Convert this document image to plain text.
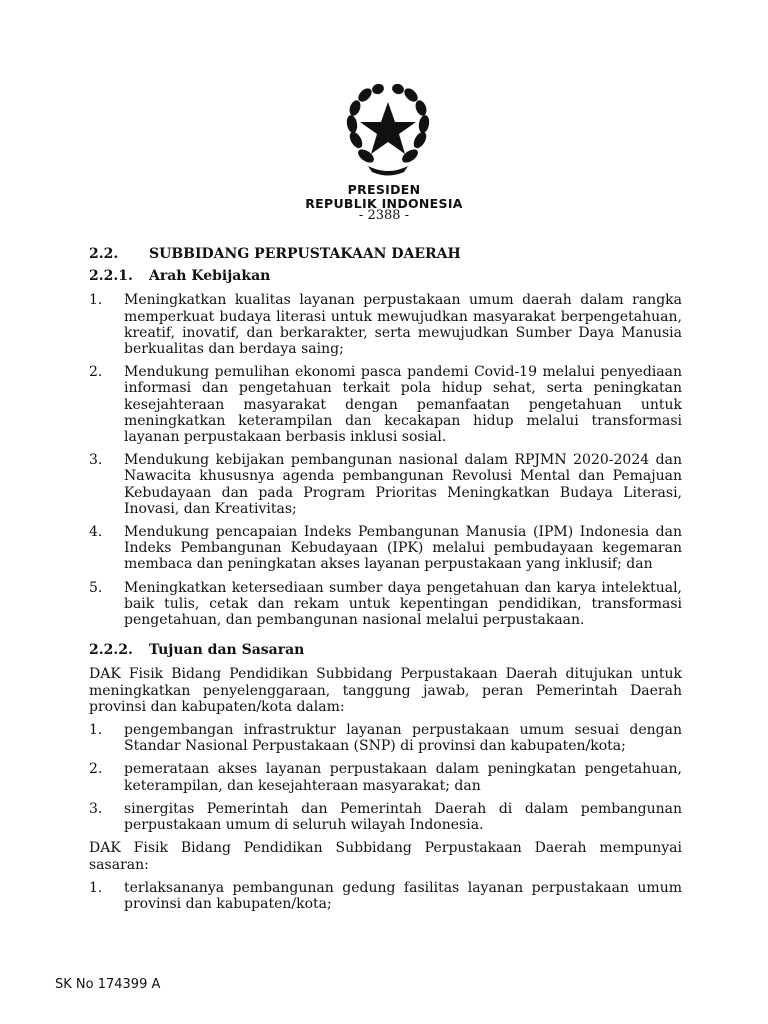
PRESIDEN
REPUBLIK INDONESIA
- 2388 -
2.2.	SUBBIDANG PERPUSTAKAAN DAERAH
2.2.1.	Arah Kebijakan
1.	Meningkatkan kualitas layanan perpustakaan umum daerah dalam rangka memperkuat budaya literasi untuk mewujudkan masyarakat berpengetahuan, kreatif, inovatif, dan berkarakter, serta mewujudkan Sumber Daya Manusia berkualitas dan berdaya saing;
2.	Mendukung pemulihan ekonomi pasca pandemi Covid-19 melalui penyediaan informasi dan pengetahuan terkait pola hidup sehat, serta peningkatan kesejahteraan masyarakat dengan pemanfaatan pengetahuan untuk meningkatkan keterampilan dan kecakapan hidup melalui transformasi layanan perpustakaan berbasis inklusi sosial.
3.	Mendukung kebijakan pembangunan nasional dalam RPJMN 2020-2024 dan Nawacita khususnya agenda pembangunan Revolusi Mental dan Pemajuan Kebudayaan dan pada Program Prioritas Meningkatkan Budaya Literasi, Inovasi, dan Kreativitas;
4.	Mendukung pencapaian Indeks Pembangunan Manusia (IPM) Indonesia dan Indeks Pembangunan Kebudayaan (IPK) melalui pembudayaan kegemaran membaca dan peningkatan akses layanan perpustakaan yang inklusif; dan
5.	Meningkatkan ketersediaan sumber daya pengetahuan dan karya intelektual, baik tulis, cetak dan rekam untuk kepentingan pendidikan, transformasi pengetahuan, dan pembangunan nasional melalui perpustakaan.
2.2.2.	Tujuan dan Sasaran

DAK Fisik Bidang Pendidikan Subbidang Perpustakaan Daerah ditujukan untuk meningkatkan penyelenggaraan, tanggung jawab, peran Pemerintah Daerah provinsi dan kabupaten/kota dalam:

1.	pengembangan infrastruktur layanan perpustakaan umum sesuai dengan Standar Nasional Perpustakaan (SNP) di provinsi dan kabupaten/kota;
2.	pemerataan akses layanan perpustakaan dalam peningkatan pengetahuan, keterampilan, dan kesejahteraan masyarakat; dan
3.	sinergitas Pemerintah dan Pemerintah Daerah di dalam pembangunan perpustakaan umum di seluruh wilayah Indonesia.

DAK Fisik Bidang Pendidikan Subbidang Perpustakaan Daerah mempunyai sasaran:

1.	terlaksananya pembangunan gedung fasilitas layanan perpustakaan umum provinsi dan kabupaten/kota;
SK No 174399 A
